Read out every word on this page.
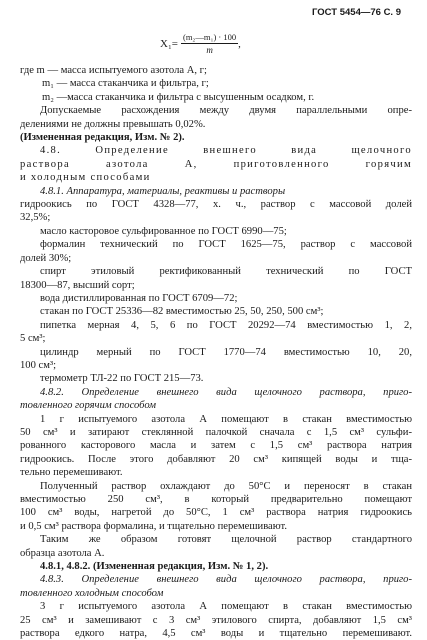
ГОСТ 5454—76 С. 9
$X_1= \frac{\text{(m₂—m₁) · 100}}{m}$ ,
где m — масса испытуемого азотола А, г;
m₁ — масса стаканчика и фильтра, г;
m₂ —масса стаканчика и фильтра с высушенным осадком, г.
Допускаемые расхождения между двумя параллельными опре-
делениями не должны превышать 0,02%.
(Измененная редакция, Изм. № 2).
4.8. Определение внешнего вида щелочного
раствора азотола А, приготовленного горячим
и холодным способами
4.8.1. Аппаратура, материалы, реактивы и растворы
гидроокись по ГОСТ 4328—77, х. ч., раствор с массовой долей
32,5%;
масло касторовое сульфированное по ГОСТ 6990—75;
формалин технический по ГОСТ 1625—75, раствор с массовой
долей 30%;
спирт этиловый ректификованный технический по ГОСТ
18300—87, высший сорт;
вода дистиллированная по ГОСТ 6709—72;
стакан по ГОСТ 25336—82 вместимостью 25, 50, 250, 500 см³;
пипетка мерная 4, 5, 6 по ГОСТ 20292—74 вместимостью 1, 2,
5 см³;
цилиндр мерный по ГОСТ 1770—74 вместимостью 10, 20,
100 см³;
термометр ТЛ-22 по ГОСТ 215—73.
4.8.2. Определение внешнего вида щелочного раствора, приго-
товленного горячим способом
1 г испытуемого азотола А помещают в стакан вместимостью
50 см³ и затирают стеклянной палочкой сначала с 1,5 см³ сульфи-
рованного касторового масла и затем с 1,5 см³ раствора натрия
гидроокись. После этого добавляют 20 см³ кипящей воды и тща-
тельно перемешивают.
Полученный раствор охлаждают до 50°С и переносят в стакан
вместимостью 250 см³, в который предварительно помещают
100 см³ воды, нагретой до 50°С, 1 см³ раствора натрия гидроокись
и 0,5 см³ раствора формалина, и тщательно перемешивают.
Таким же образом готовят щелочной раствор стандартного
образца азотола А.
4.8.1, 4.8.2. (Измененная редакция, Изм. № 1, 2).
4.8.3. Определение внешнего вида щелочного раствора, приго-
товленного холодным способом
3 г испытуемого азотола А помещают в стакан вместимостью
25 см³ и замешивают с 3 см³ этилового спирта, добавляют 1,5 см³
раствора едкого натра, 4,5 см³ воды и тщательно перемешивают.
